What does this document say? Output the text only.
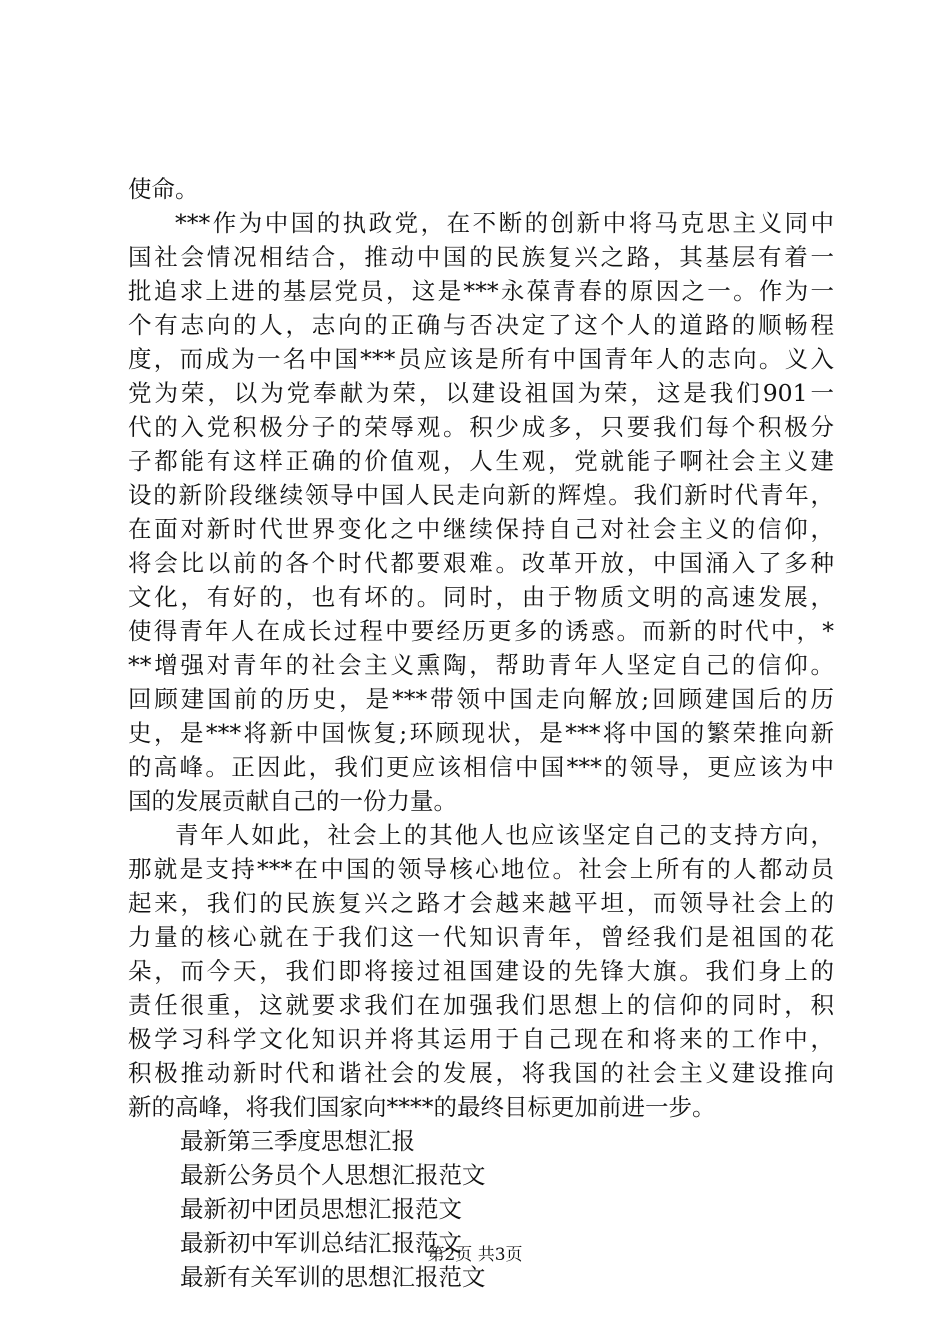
使命。
***作为中国的执政党，在不断的创新中将马克思主义同中
国社会情况相结合，推动中国的民族复兴之路，其基层有着一
批追求上进的基层党员，这是***永葆青春的原因之一。作为一
个有志向的人，志向的正确与否决定了这个人的道路的顺畅程
度，而成为一名中国***员应该是所有中国青年人的志向。义入
党为荣，以为党奉献为荣，以建设祖国为荣，这是我们901一
代的入党积极分子的荣辱观。积少成多，只要我们每个积极分
子都能有这样正确的价值观，人生观，党就能子啊社会主义建
设的新阶段继续领导中国人民走向新的辉煌。我们新时代青年，
在面对新时代世界变化之中继续保持自己对社会主义的信仰，
将会比以前的各个时代都要艰难。改革开放，中国涌入了多种
文化，有好的，也有坏的。同时，由于物质文明的高速发展，
使得青年人在成长过程中要经历更多的诱惑。而新的时代中，*
**增强对青年的社会主义熏陶，帮助青年人坚定自己的信仰。
回顾建国前的历史，是***带领中国走向解放;回顾建国后的历
史，是***将新中国恢复;环顾现状，是***将中国的繁荣推向新
的高峰。正因此，我们更应该相信中国***的领导，更应该为中
国的发展贡献自己的一份力量。
青年人如此，社会上的其他人也应该坚定自己的支持方向，
那就是支持***在中国的领导核心地位。社会上所有的人都动员
起来，我们的民族复兴之路才会越来越平坦，而领导社会上的
力量的核心就在于我们这一代知识青年，曾经我们是祖国的花
朵，而今天，我们即将接过祖国建设的先锋大旗。我们身上的
责任很重，这就要求我们在加强我们思想上的信仰的同时，积
极学习科学文化知识并将其运用于自己现在和将来的工作中，
积极推动新时代和谐社会的发展，将我国的社会主义建设推向
新的高峰，将我们国家向****的最终目标更加前进一步。
最新第三季度思想汇报
最新公务员个人思想汇报范文
最新初中团员思想汇报范文
最新初中军训总结汇报范文
最新有关军训的思想汇报范文
第2页 共3页
